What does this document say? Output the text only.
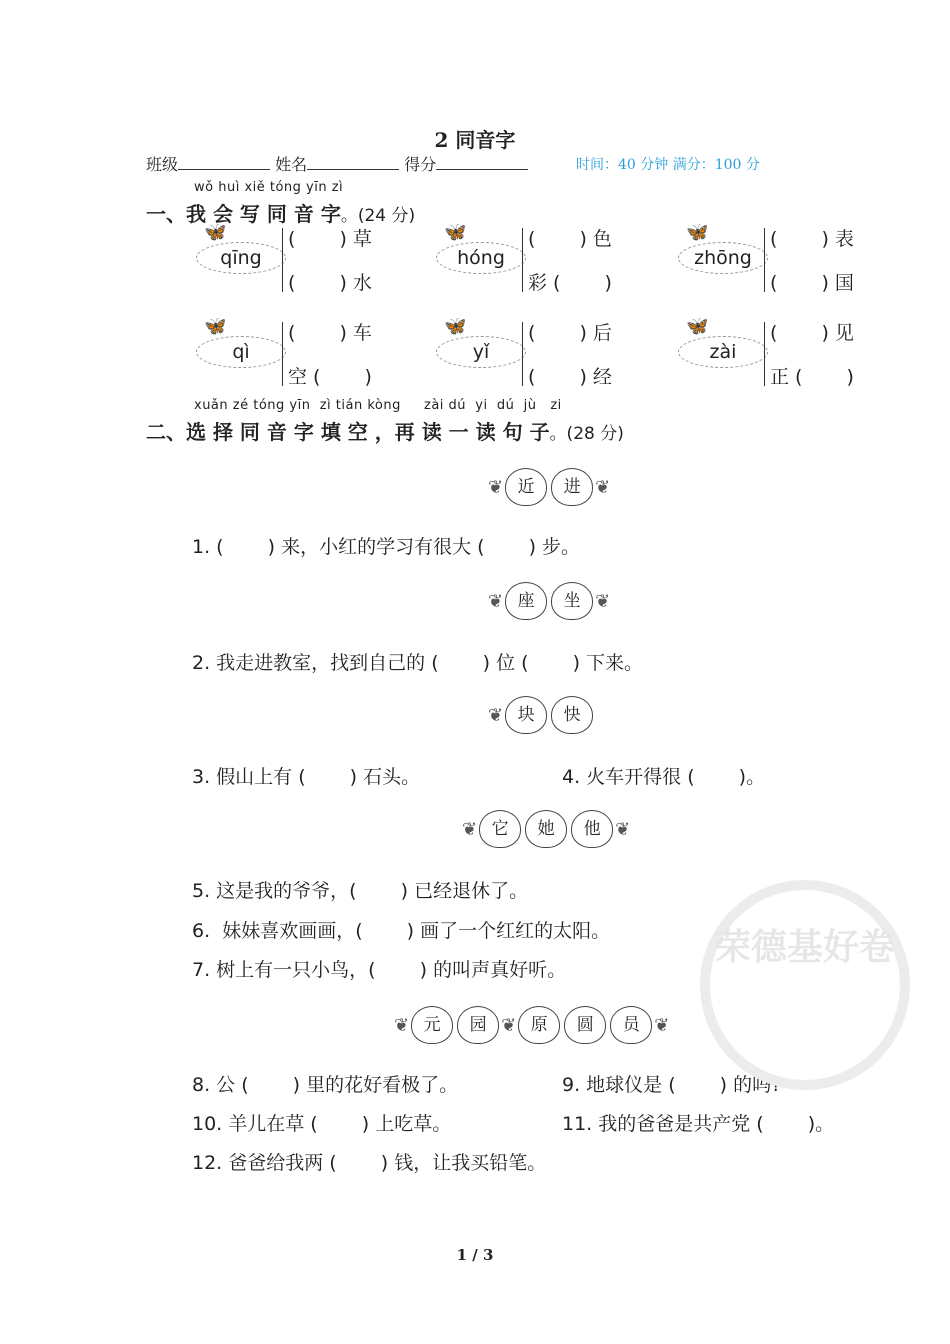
2 同音字
班级	姓名	得分	时间：40 分钟 满分：100 分
wǒ huì xiě tóng yīn zì
一、我 会 写 同 音 字。(24 分)
🦋
qīng
(　　 ) 草
(　　 ) 水
🦋
hóng
(　　 ) 色
彩 (　　 )
🦋
zhōng
(　　 ) 表
(　　 ) 国
🦋
qì
(　　 ) 车
空 (　　 )
🦋
yǐ
(　　 ) 后
(　　 ) 经
🦋
zài
(　　 ) 见
正 (　　 )
xuǎn zé tóng yīn  zì tián kòng     zài dú  yi  dú  jù   zi
二、选 择 同 音 字 填 空 ，再 读 一 读 句 子。(28 分)
❦ 近	进 ❦
1. (　　 ) 来，小红的学习有很大 (　　 ) 步。
❦ 座	坐 ❦
2. 我走进教室，找到自己的 (　　 ) 位 (　　 ) 下来。
❦ 块	快
3. 假山上有 (　　 ) 石头。	4. 火车开得很 (　　 )。
❦ 它	她	他 ❦
5. 这是我的爷爷，(　　 ) 已经退休了。
6.  妹妹喜欢画画，(　　 ) 画了一个红红的太阳。
7. 树上有一只小鸟，(　　 ) 的叫声真好听。
❦ 元	园 ❦ 原	圆	员 ❦
8. 公 (　　 ) 里的花好看极了。	9. 地球仪是 (　　 ) 的吗?
10. 羊儿在草 (　　 ) 上吃草。	11. 我的爸爸是共产党 (　　 )。
12. 爸爸给我两 (　　 ) 钱，让我买铅笔。
荣德基好卷
1 / 3
